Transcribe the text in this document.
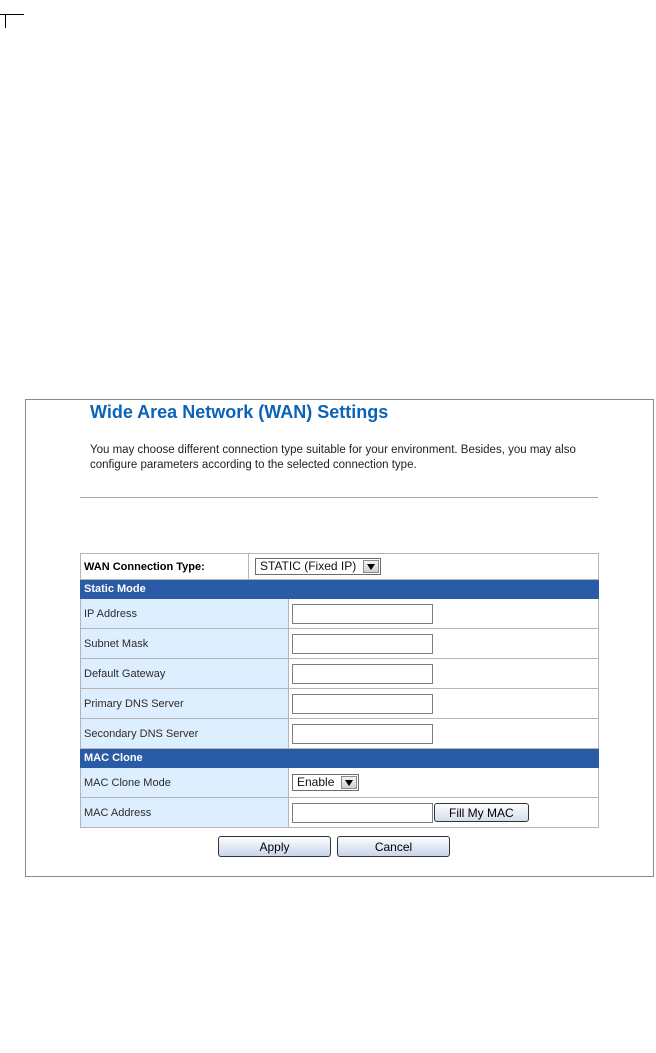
Wide Area Network (WAN) Settings

You may choose different connection type suitable for your environment. Besides, you may also configure parameters according to the selected connection type.

WAN Connection Type:	STATIC (Fixed IP)	

Static Mode		
IP Address	
Subnet Mask	
Default Gateway	
Primary DNS Server	
Secondary DNS Server	
MAC Clone		
MAC Clone Mode		Enable

MAC Address		Fill My MAC
Apply	Cancel
